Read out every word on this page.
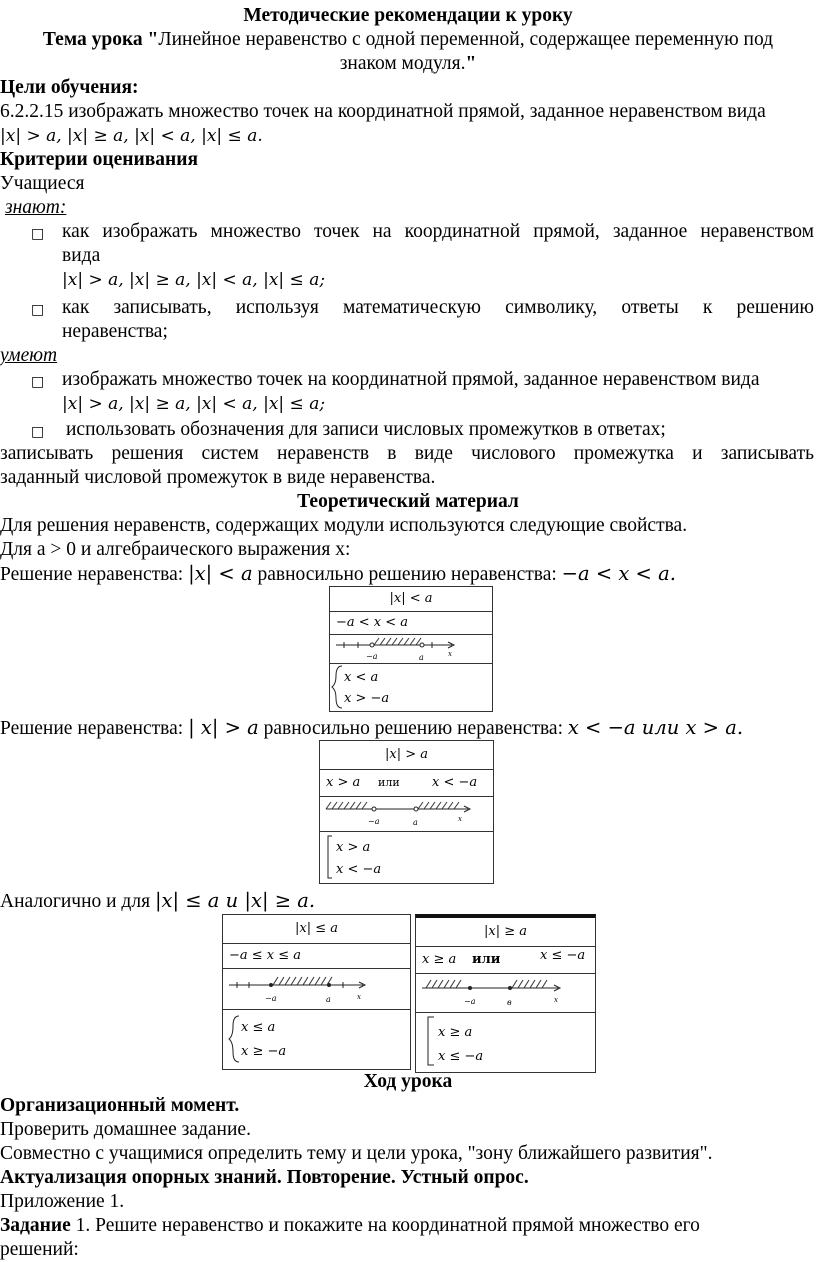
Методические рекомендации к уроку
Тема урока "Линейное неравенство с одной переменной, содержащее переменную под
знаком модуля."
Цели обучения:
6.2.2.15 изображать множество точек на координатной прямой, заданное неравенством вида
|x| > a, |x| ≥ a, |x| < a, |x| ≤ a.
Критерии оценивания
Учащиеся
знают:
□ как изображать множество точек на координатной прямой, заданное неравенством
вида
|x| > a, |x| ≥ a, |x| < a, |x| ≤ a;
□ как записывать, используя математическую символику, ответы к решению
неравенства;
умеют
□ изображать множество точек на координатной прямой, заданное неравенством вида
|x| > a, |x| ≥ a, |x| < a, |x| ≤ a;
□ использовать обозначения для записи числовых промежутков в ответах;
записывать решения систем неравенств в виде числового промежутка и записывать
заданный числовой промежуток в виде неравенства.
Теоретический материал
Для решения неравенств, содержащих модули используются следующие свойства.
Для a > 0 и алгебраического выражения x:
Решение неравенства: |x| < a равносильно решению неравенства: −a < x < a.
|x| < a
−a < x < a
−a	a	x
x < a
x > −a
Решение неравенства: | x| > a равносильно решению неравенства: x < −a или x > a.
|x| > a
x > a или x < −a
−a	a	x
x > a
x < −a
Аналогично и для |x| ≤ a и |x| ≥ a.
|x| ≤ a
−a ≤ x ≤ a
−a	a	x
x ≤ a
x ≥ −a
|x| ≥ a
x ≥ a или	x ≤ −a
−a	в	x
x ≥ a
x ≤ −a
Ход урока
Организационный момент.
Проверить домашнее задание.
Совместно с учащимися определить тему и цели урока, "зону ближайшего развития".
Актуализация опорных знаний. Повторение. Устный опрос.
Приложение 1.
Задание 1. Решите неравенство и покажите на координатной прямой множество его
решений:
